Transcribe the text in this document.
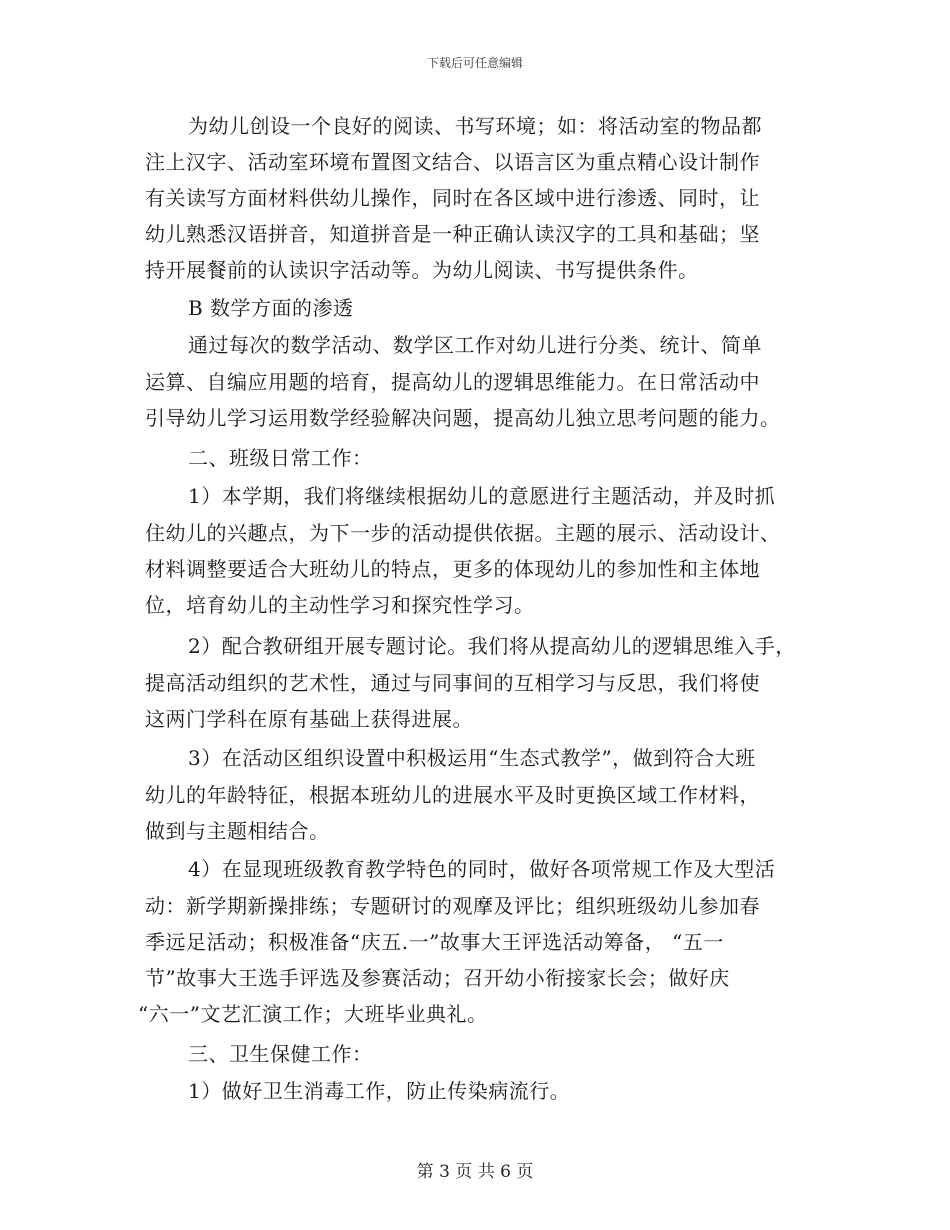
下载后可任意编辑
为幼儿创设一个良好的阅读、书写环境；如：将活动室的物品都
注上汉字、活动室环境布置图文结合、以语言区为重点精心设计制作
有关读写方面材料供幼儿操作，同时在各区域中进行渗透、同时，让
幼儿熟悉汉语拼音，知道拼音是一种正确认读汉字的工具和基础；坚
持开展餐前的认读识字活动等。为幼儿阅读、书写提供条件。
B 数学方面的渗透
通过每次的数学活动、数学区工作对幼儿进行分类、统计、简单
运算、自编应用题的培育，提高幼儿的逻辑思维能力。在日常活动中
引导幼儿学习运用数学经验解决问题，提高幼儿独立思考问题的能力。
二、班级日常工作：
1）本学期，我们将继续根据幼儿的意愿进行主题活动，并及时抓
住幼儿的兴趣点，为下一步的活动提供依据。主题的展示、活动设计、
材料调整要适合大班幼儿的特点，更多的体现幼儿的参加性和主体地
位，培育幼儿的主动性学习和探究性学习。
2）配合教研组开展专题讨论。我们将从提高幼儿的逻辑思维入手，
提高活动组织的艺术性，通过与同事间的互相学习与反思，我们将使
这两门学科在原有基础上获得进展。
3）在活动区组织设置中积极运用“生态式教学”，做到符合大班
幼儿的年龄特征，根据本班幼儿的进展水平及时更换区域工作材料，
做到与主题相结合。
4）在显现班级教育教学特色的同时，做好各项常规工作及大型活
动：新学期新操排练；专题研讨的观摩及评比；组织班级幼儿参加春
季远足活动；积极准备“庆五.一”故事大王评选活动筹备， “五一
节”故事大王选手评选及参赛活动；召开幼小衔接家长会；做好庆
“六一”文艺汇演工作；大班毕业典礼。
三、卫生保健工作：
1）做好卫生消毒工作，防止传染病流行。
第 3 页 共 6 页
